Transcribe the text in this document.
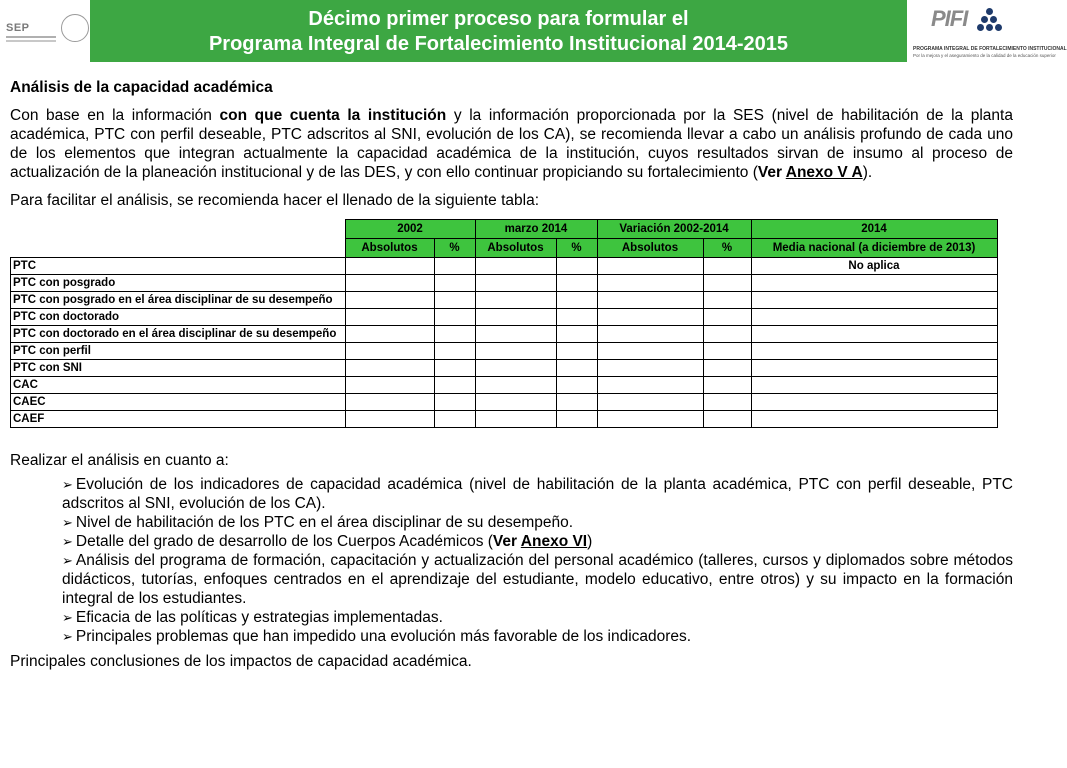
SEP	Décimo primer proceso para formular el
Programa Integral de Fortalecimiento Institucional 2014-2015
PIFI
PROGRAMA INTEGRAL DE FORTALECIMIENTO INSTITUCIONAL
Por la mejora y el aseguramiento de la calidad de la educación superior
Análisis de la capacidad académica
Con base en la información con que cuenta la institución y la información proporcionada por la SES (nivel de habilitación de la planta académica, PTC con perfil deseable, PTC adscritos al SNI, evolución de los CA), se recomienda llevar a cabo un análisis profundo de cada uno de los elementos que integran actualmente la capacidad académica de la institución, cuyos resultados sirvan de insumo al proceso de actualización de la planeación institucional y de las DES, y con ello continuar propiciando su fortalecimiento (Ver Anexo V A).
Para facilitar el análisis, se recomienda hacer el llenado de la siguiente tabla:
	2002		marzo 2014		Variación 2002-2014		2014
	Absolutos	%	Absolutos	%	Absolutos	%	Media nacional (a diciembre de 2013)
PTC							No aplica
PTC con posgrado							
PTC con posgrado en el área disciplinar de su desempeño							
PTC con doctorado							
PTC con doctorado en el área disciplinar de su desempeño							
PTC con perfil							
PTC con SNI							
CAC							
CAEC							
CAEF							
Realizar el análisis en cuanto a:
➢ Evolución de los indicadores de capacidad académica (nivel de habilitación de la planta académica, PTC con perfil deseable, PTC adscritos al SNI, evolución de los CA).
➢ Nivel de habilitación de los PTC en el área disciplinar de su desempeño.
➢ Detalle del grado de desarrollo de los Cuerpos Académicos (Ver Anexo VI)
➢ Análisis del programa de formación, capacitación y actualización del personal académico (talleres, cursos y diplomados sobre métodos didácticos, tutorías, enfoques centrados en el aprendizaje del estudiante, modelo educativo, entre otros) y su impacto en la formación integral de los estudiantes.
➢ Eficacia de las políticas y estrategias implementadas.
➢ Principales problemas que han impedido una evolución más favorable de los indicadores.
Principales conclusiones de los impactos de capacidad académica.
